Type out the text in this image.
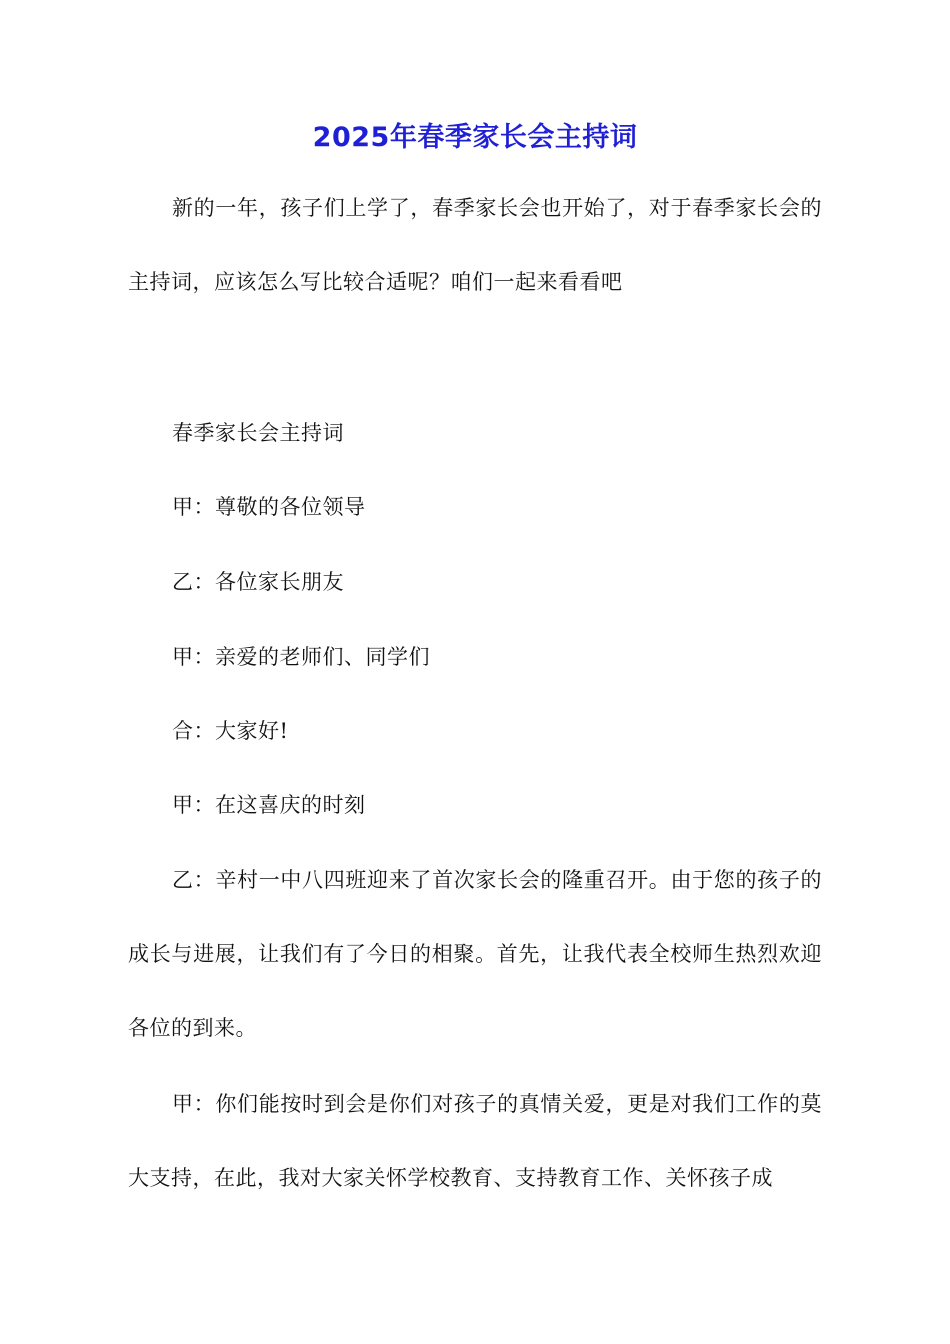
2025年春季家长会主持词

新的一年，孩子们上学了，春季家长会也开始了，对于春季家长会的主持词，应该怎么写比较合适呢？咱们一起来看看吧

春季家长会主持词

甲：尊敬的各位领导

乙：各位家长朋友

甲：亲爱的老师们、同学们

合：大家好!

甲：在这喜庆的时刻

乙：辛村一中八四班迎来了首次家长会的隆重召开。由于您的孩子的成长与进展，让我们有了今日的相聚。首先，让我代表全校师生热烈欢迎各位的到来。

甲：你们能按时到会是你们对孩子的真情关爱，更是对我们工作的莫大支持，在此，我对大家关怀学校教育、支持教育工作、关怀孩子成
